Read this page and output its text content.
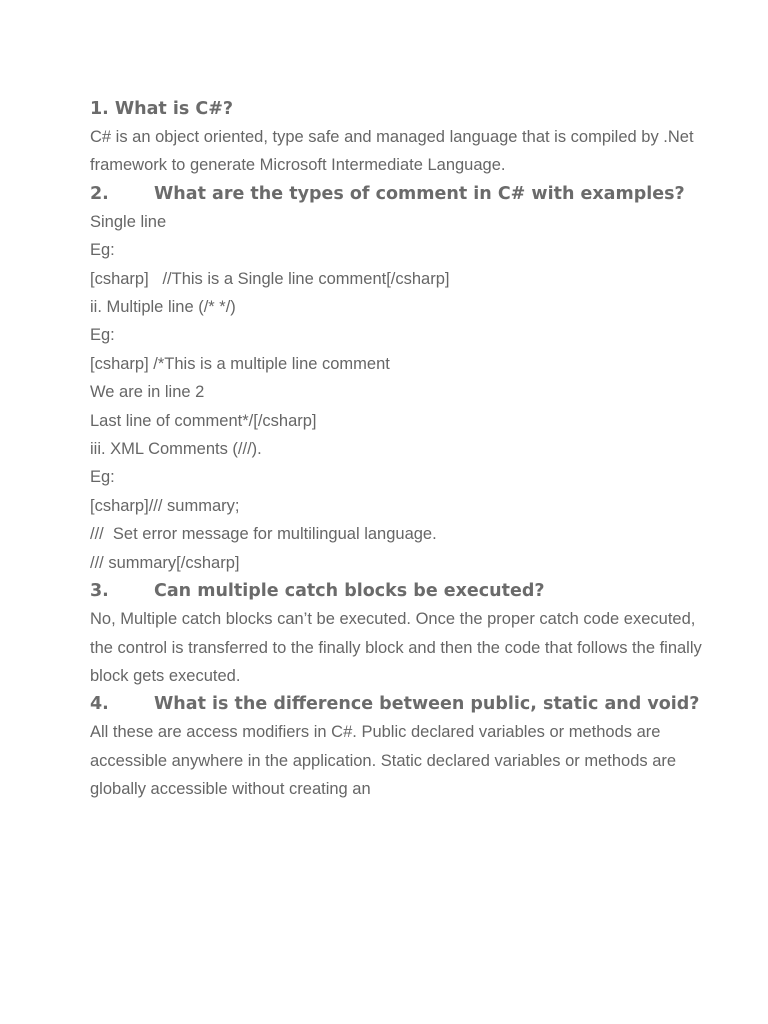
1. What is C#?

C# is an object oriented, type safe and managed language that is compiled by .Net framework to generate Microsoft Intermediate Language.

2.	What are the types of comment in C# with examples?

Single line

Eg:

[csharp]   //This is a Single line comment[/csharp]

ii. Multiple line (/* */)

Eg:

[csharp] /*This is a multiple line comment

We are in line 2

Last line of comment*/[/csharp]

iii. XML Comments (///).

Eg:

[csharp]/// summary;

///  Set error message for multilingual language.

/// summary[/csharp]

3.	Can multiple catch blocks be executed?

No, Multiple catch blocks can’t be executed. Once the proper catch code executed, the control is transferred to the finally block and then the code that follows the finally block gets executed.

4.	What is the difference between public, static and void?

All these are access modifiers in C#. Public declared variables or methods are accessible anywhere in the application. Static declared variables or methods are globally accessible without creating an
